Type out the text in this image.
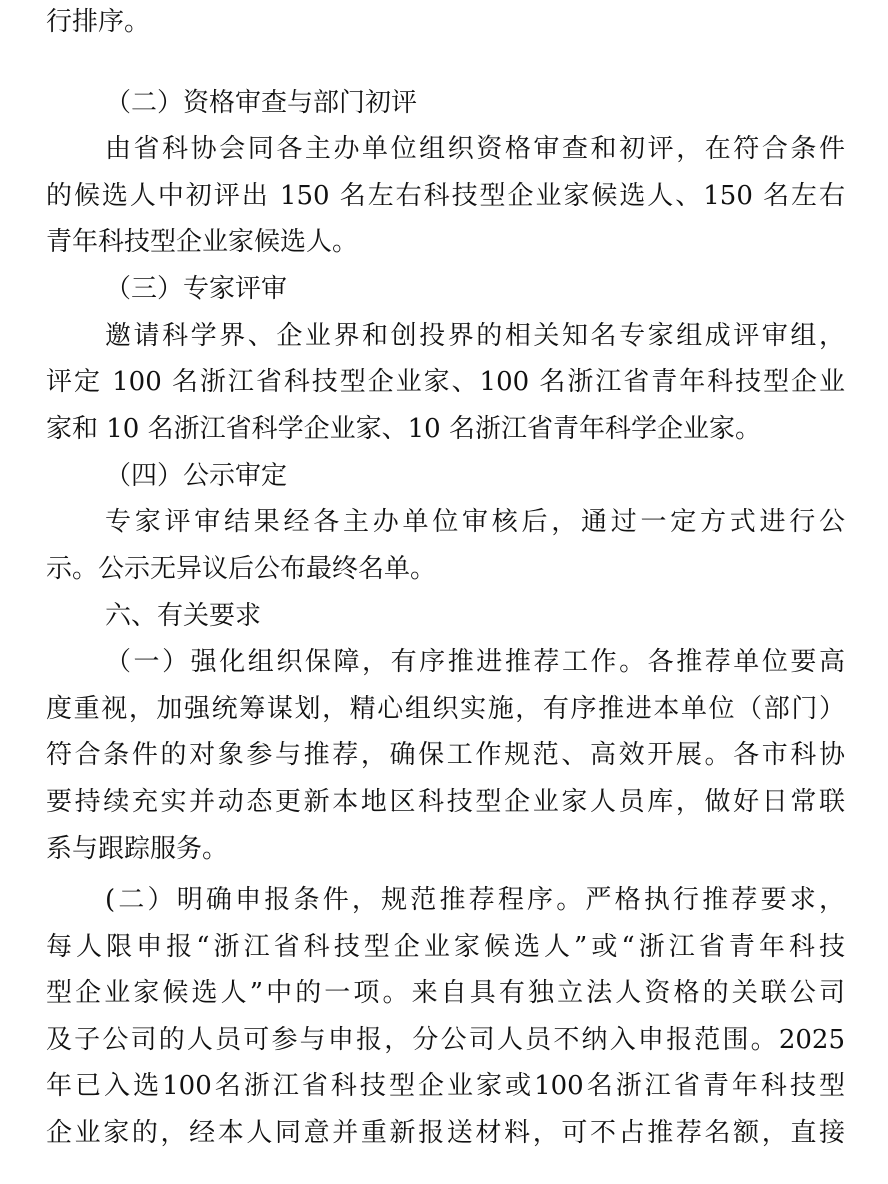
行排序。
（二）资格审查与部门初评
由省科协会同各主办单位组织资格审查和初评，在符合条件
的候选人中初评出 150 名左右科技型企业家候选人、150 名左右
青年科技型企业家候选人。
（三）专家评审
邀请科学界、企业界和创投界的相关知名专家组成评审组，
评定 100 名浙江省科技型企业家、100 名浙江省青年科技型企业
家和 10 名浙江省科学企业家、10 名浙江省青年科学企业家。
（四）公示审定
专家评审结果经各主办单位审核后，通过一定方式进行公
示。公示无异议后公布最终名单。
六、有关要求
（一）强化组织保障，有序推进推荐工作。各推荐单位要高
度重视，加强统筹谋划，精心组织实施，有序推进本单位（部门）
符合条件的对象参与推荐，确保工作规范、高效开展。各市科协
要持续充实并动态更新本地区科技型企业家人员库，做好日常联
系与跟踪服务。
(二）明确申报条件，规范推荐程序。严格执行推荐要求，
每人限申报“浙江省科技型企业家候选人”或“浙江省青年科技
型企业家候选人”中的一项。来自具有独立法人资格的关联公司
及子公司的人员可参与申报，分公司人员不纳入申报范围。2025
年已入选100名浙江省科技型企业家或100名浙江省青年科技型
企业家的，经本人同意并重新报送材料，可不占推荐名额，直接
